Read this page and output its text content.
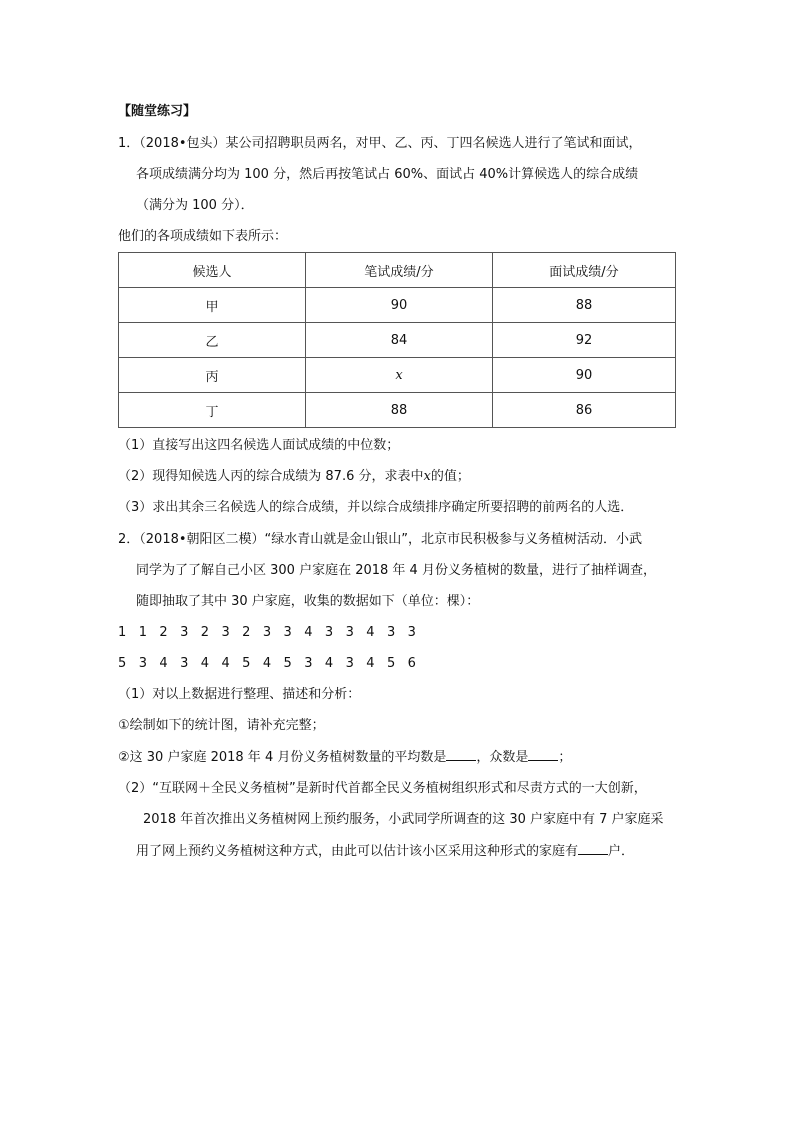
【随堂练习】
1．（2018•包头）某公司招聘职员两名，对甲、乙、丙、丁四名候选人进行了笔试和面试，
各项成绩满分均为 100 分，然后再按笔试占 60%、面试占 40%计算候选人的综合成绩
（满分为 100 分）．
他们的各项成绩如下表所示：
候选人	笔试成绩/分	面试成绩/分
甲	90	88
乙	84	92
丙	x	90
丁	88	86
（1）直接写出这四名候选人面试成绩的中位数；
（2）现得知候选人丙的综合成绩为 87.6 分，求表中x的值；
（3）求出其余三名候选人的综合成绩，并以综合成绩排序确定所要招聘的前两名的人选．
2．（2018•朝阳区二模）“绿水青山就是金山银山”，北京市民积极参与义务植树活动．小武
同学为了了解自己小区 300 户家庭在 2018 年 4 月份义务植树的数量，进行了抽样调查，
随即抽取了其中 30 户家庭，收集的数据如下（单位：棵）：
1 1 2 3 2 3 2 3 3 4 3 3 4 3 3
5 3 4 3 4 4 5 4 5 3 4 3 4 5 6
（1）对以上数据进行整理、描述和分析：
①绘制如下的统计图，请补充完整；
②这 30 户家庭 2018 年 4 月份义务植树数量的平均数是 ，众数是 ；
（2）“互联网＋全民义务植树”是新时代首都全民义务植树组织形式和尽责方式的一大创新，
2018 年首次推出义务植树网上预约服务，小武同学所调查的这 30 户家庭中有 7 户家庭采
用了网上预约义务植树这种方式，由此可以估计该小区采用这种形式的家庭有 户．
